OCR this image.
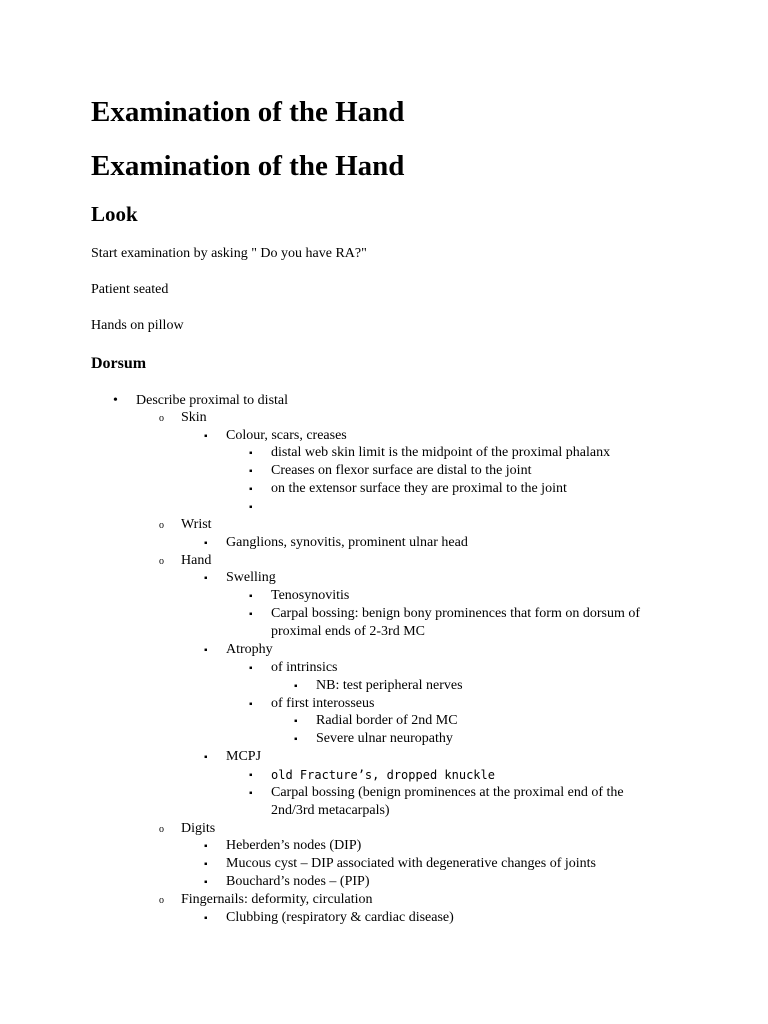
Examination of the Hand
Examination of the Hand
Look
Start examination by asking " Do you have RA?"
Patient seated
Hands on pillow
Dorsum
• Describe proximal to distal
o Skin
▪ Colour, scars, creases
▪ distal web skin limit is the midpoint of the proximal phalanx
▪ Creases on flexor surface are distal to the joint
▪ on the extensor surface they are proximal to the joint
▪
o Wrist
▪ Ganglions, synovitis, prominent ulnar head
o Hand
▪ Swelling
▪ Tenosynovitis
▪ Carpal bossing: benign bony prominences that form on dorsum of
proximal ends of 2-3rd MC
▪ Atrophy
▪ of intrinsics
▪ NB: test peripheral nerves
▪ of first interosseus
▪ Radial border of 2nd MC
▪ Severe ulnar neuropathy
▪ MCPJ
▪ old Fracture’s, dropped knuckle
▪ Carpal bossing (benign prominences at the proximal end of the
2nd/3rd metacarpals)
o Digits
▪ Heberden’s nodes (DIP)
▪ Mucous cyst – DIP associated with degenerative changes of joints
▪ Bouchard’s nodes – (PIP)
o Fingernails: deformity, circulation
▪ Clubbing (respiratory & cardiac disease)
